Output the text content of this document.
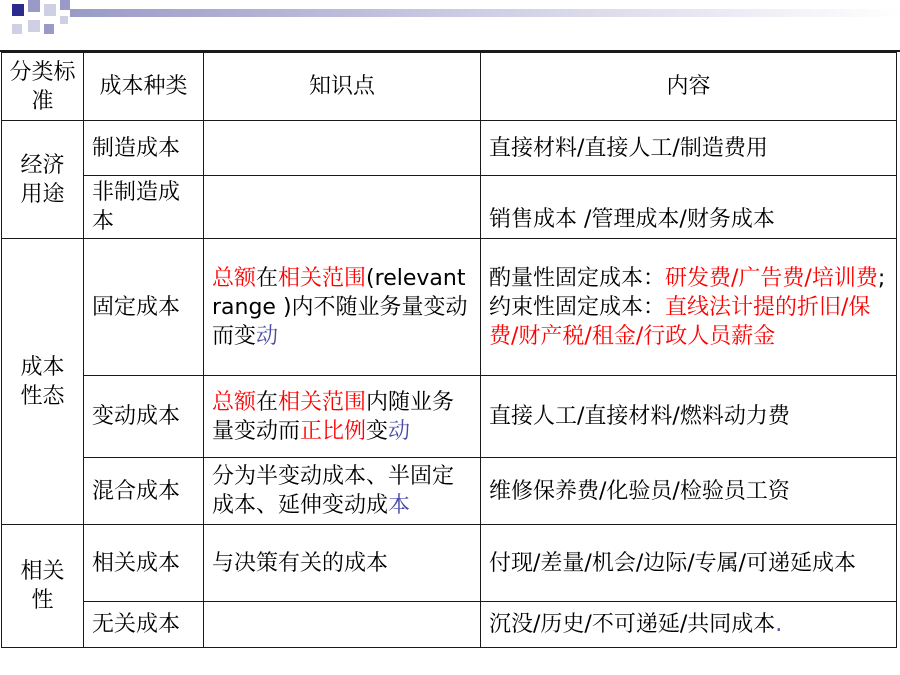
分类标准	成本种类	知识点	内容
经济用途	制造成本		直接材料/直接人工/制造费用
	非制造成本		销售成本 /管理成本/财务成本
成本性态	固定成本	总额在相关范围(relevant range )内不随业务量变动而变动	酌量性固定成本：研发费/广告费/培训费;
约束性固定成本：直线法计提的折旧/保费/财产税/租金/行政人员薪金
	变动成本	总额在相关范围内随业务量变动而正比例变动	直接人工/直接材料/燃料动力费
	混合成本	分为半变动成本、半固定成本、延伸变动成本	维修保养费/化验员/检验员工资
相关性	相关成本	与决策有关的成本	付现/差量/机会/边际/专属/可递延成本
	无关成本		沉没/历史/不可递延/共同成本.
